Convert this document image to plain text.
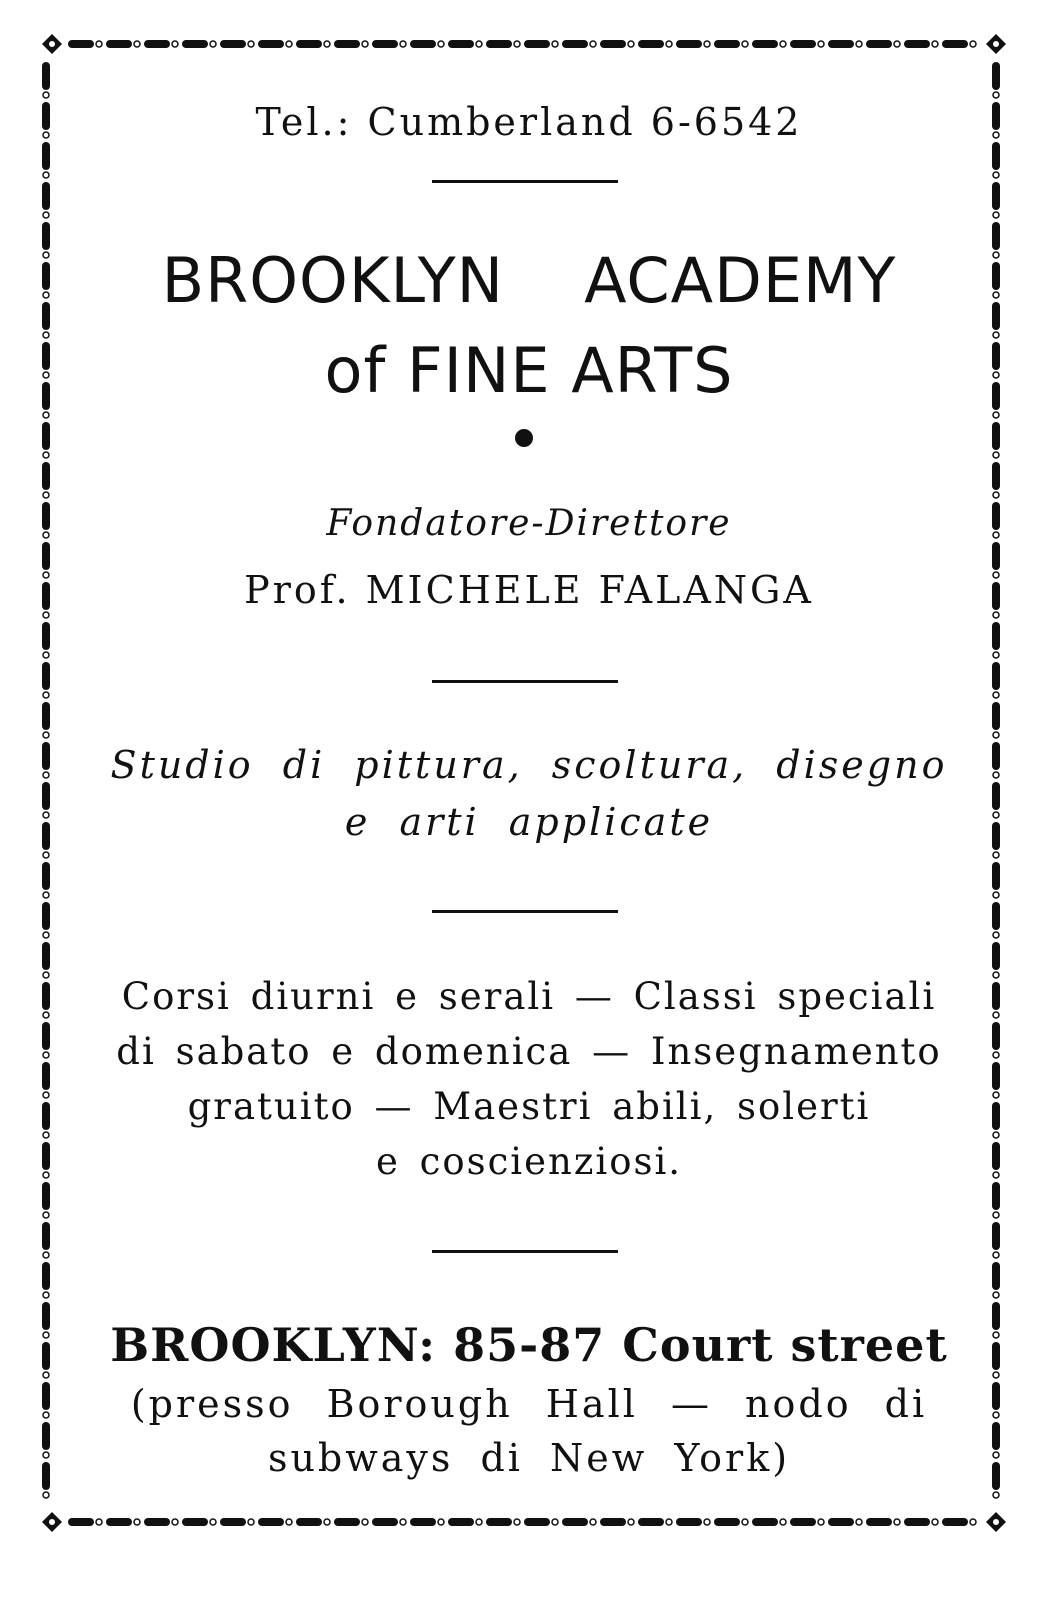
Tel.: Cumberland 6-6542
BROOKLYN ACADEMY
of FINE ARTS
Fondatore-Direttore
Prof. MICHELE FALANGA
Studio di pittura, scoltura, disegno
e arti applicate
Corsi diurni e serali — Classi speciali
di sabato e domenica — Insegnamento
gratuito — Maestri abili, solerti
e coscienziosi.
BROOKLYN: 85-87 Court street
(presso Borough Hall — nodo di
subways di New York)
